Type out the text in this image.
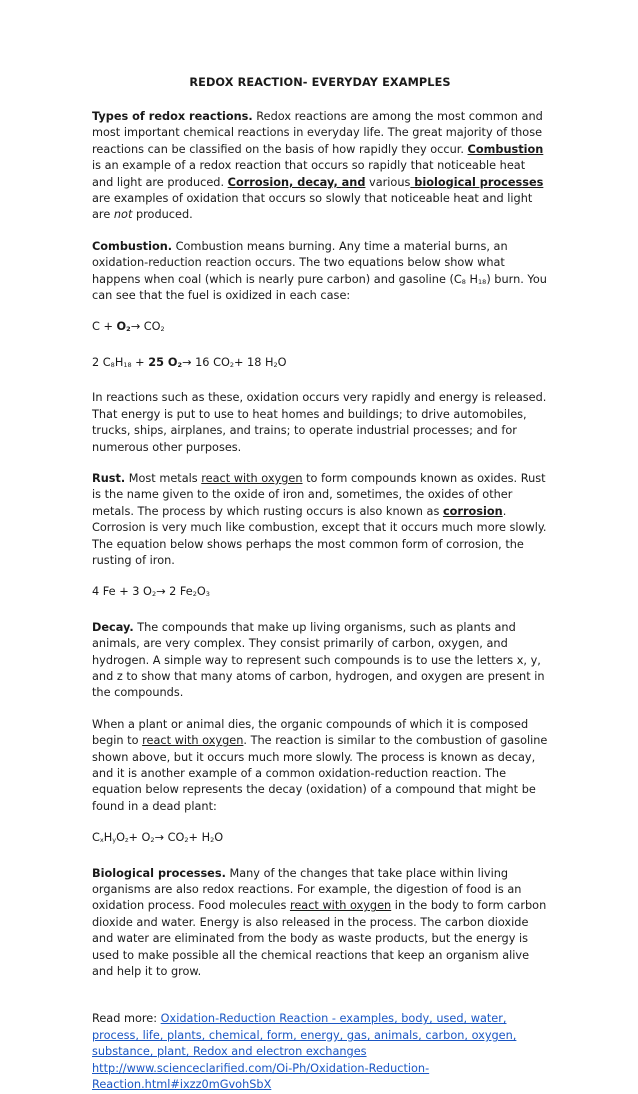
REDOX REACTION- EVERYDAY EXAMPLES

Types of redox reactions. Redox reactions are among the most common and most important chemical reactions in everyday life. The great majority of those reactions can be classified on the basis of how rapidly they occur. Combustion is an example of a redox reaction that occurs so rapidly that noticeable heat and light are produced. Corrosion, decay, and various biological processes are examples of oxidation that occurs so slowly that noticeable heat and light are not produced.

Combustion. Combustion means burning. Any time a material burns, an oxidation-reduction reaction occurs. The two equations below show what happens when coal (which is nearly pure carbon) and gasoline ($C_8$ $H_{18}$) burn. You can see that the fuel is oxidized in each case:

$C + O_2\to CO_2$

2 $C_8H_{18} + 25$ $O_2\to 16$ $CO_2+ 18$ $H_2O$

In reactions such as these, oxidation occurs very rapidly and energy is released. That energy is put to use to heat homes and buildings; to drive automobiles, trucks, ships, airplanes, and trains; to operate industrial processes; and for numerous other purposes.

Rust. Most metals react with oxygen to form compounds known as oxides. Rust is the name given to the oxide of iron and, sometimes, the oxides of other metals. The process by which rusting occurs is also known as corrosion. Corrosion is very much like combustion, except that it occurs much more slowly. The equation below shows perhaps the most common form of corrosion, the rusting of iron.

4 Fe + 3 $O_2\to 2$ $Fe_2O_3$

Decay. The compounds that make up living organisms, such as plants and animals, are very complex. They consist primarily of carbon, oxygen, and hydrogen. A simple way to represent such compounds is to use the letters x, y, and z to show that many atoms of carbon, hydrogen, and oxygen are present in the compounds.

When a plant or animal dies, the organic compounds of which it is composed begin to react with oxygen. The reaction is similar to the combustion of gasoline shown above, but it occurs much more slowly. The process is known as decay, and it is another example of a common oxidation-reduction reaction. The equation below represents the decay (oxidation) of a compound that might be found in a dead plant:

$C_xH_yO_z+ O_2\to CO_2+ H_2O$

Biological processes. Many of the changes that take place within living organisms are also redox reactions. For example, the digestion of food is an oxidation process. Food molecules react with oxygen in the body to form carbon dioxide and water. Energy is also released in the process. The carbon dioxide and water are eliminated from the body as waste products, but the energy is used to make possible all the chemical reactions that keep an organism alive and help it to grow.

Read more: Oxidation-Reduction Reaction - examples, body, used, water, process, life, plants, chemical, form, energy, gas, animals, carbon, oxygen, substance, plant, Redox and electron exchanges http://www.scienceclarified.com/Oi-Ph/Oxidation-Reduction-Reaction.html#ixzz0mGvohSbX
